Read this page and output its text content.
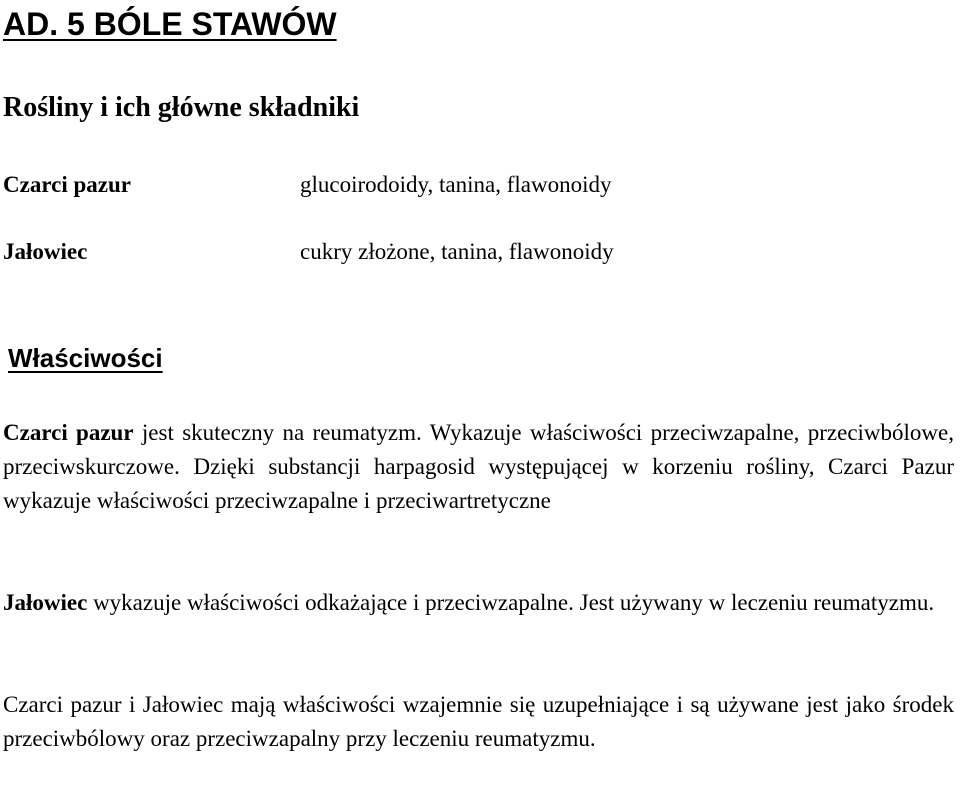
AD. 5 BÓLE STAWÓW
Rośliny i ich główne składniki
Czarci pazur	glucoirodoidy, tanina, flawonoidy
Jałowiec	cukry złożone, tanina, flawonoidy
Właściwości

Czarci pazur jest skuteczny na reumatyzm. Wykazuje właściwości przeciwzapalne, przeciwbólowe, przeciwskurczowe. Dzięki substancji harpagosid występującej w korzeniu rośliny, Czarci Pazur wykazuje właściwości przeciwzapalne i przeciwartretyczne

Jałowiec wykazuje właściwości odkażające i przeciwzapalne. Jest używany w leczeniu reumatyzmu.

Czarci pazur i Jałowiec mają właściwości wzajemnie się uzupełniające i są używane jest jako środek przeciwbólowy oraz przeciwzapalny przy leczeniu reumatyzmu.
